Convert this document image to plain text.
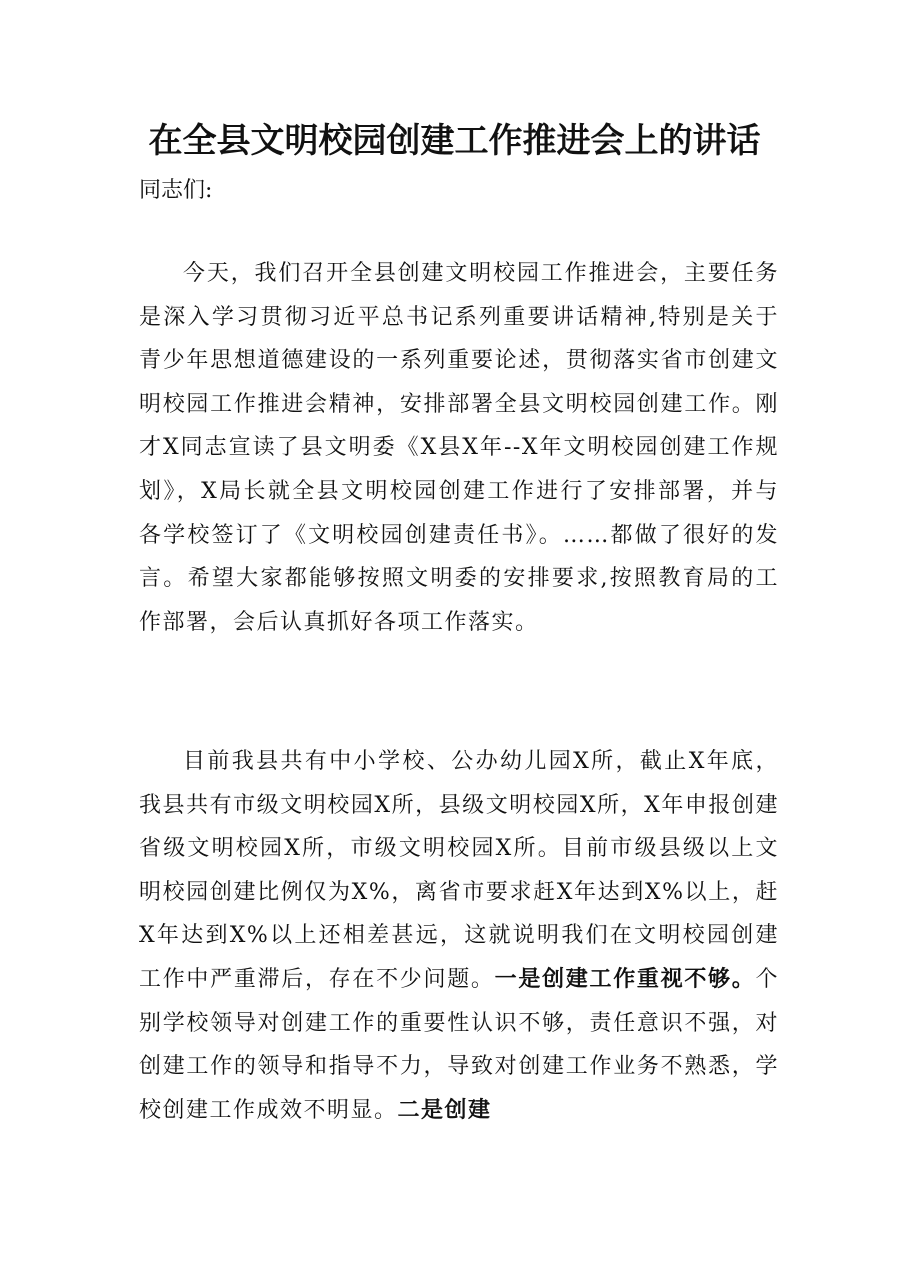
在全县文明校园创建工作推进会上的讲话
同志们:

今天，我们召开全县创建文明校园工作推进会，主要任务是深入学习贯彻习近平总书记系列重要讲话精神,特别是关于青少年思想道德建设的一系列重要论述，贯彻落实省市创建文明校园工作推进会精神，安排部署全县文明校园创建工作。刚才X同志宣读了县文明委《X县X年--X年文明校园创建工作规划》，X局长就全县文明校园创建工作进行了安排部署，并与各学校签订了《文明校园创建责任书》。……都做了很好的发言。希望大家都能够按照文明委的安排要求,按照教育局的工作部署，会后认真抓好各项工作落实。

目前我县共有中小学校、公办幼儿园X所，截止X年底，我县共有市级文明校园X所，县级文明校园X所，X年申报创建省级文明校园X所，市级文明校园X所。目前市级县级以上文明校园创建比例仅为X%，离省市要求赶X年达到X%以上，赶X年达到X%以上还相差甚远，这就说明我们在文明校园创建工作中严重滞后，存在不少问题。一是创建工作重视不够。个别学校领导对创建工作的重要性认识不够，责任意识不强，对创建工作的领导和指导不力，导致对创建工作业务不熟悉，学校创建工作成效不明显。二是创建
